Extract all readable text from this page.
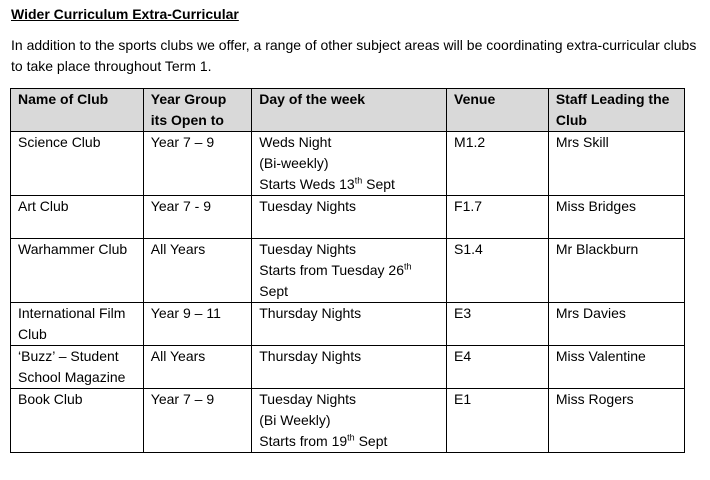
Wider Curriculum Extra-Curricular
In addition to the sports clubs we offer, a range of other subject areas will be coordinating extra-curricular clubs to take place throughout Term 1.
Name of Club	Year Group its Open to	Day of the week	Venue	Staff Leading the Club
Science Club	Year 7 – 9	Weds Night
(Bi-weekly)
Starts Weds 13th Sept	M1.2	Mrs Skill
Art Club	Year 7 - 9	Tuesday Nights	F1.7	Miss Bridges
Warhammer Club	All Years	Tuesday Nights
Starts from Tuesday 26th
Sept	S1.4	Mr Blackburn
International Film Club	Year 9 – 11	Thursday Nights	E3	Mrs Davies
‘Buzz’ – Student School Magazine	All Years	Thursday Nights	E4	Miss Valentine
Book Club	Year 7 – 9	Tuesday Nights
(Bi Weekly)
Starts from 19th Sept	E1	Miss Rogers
